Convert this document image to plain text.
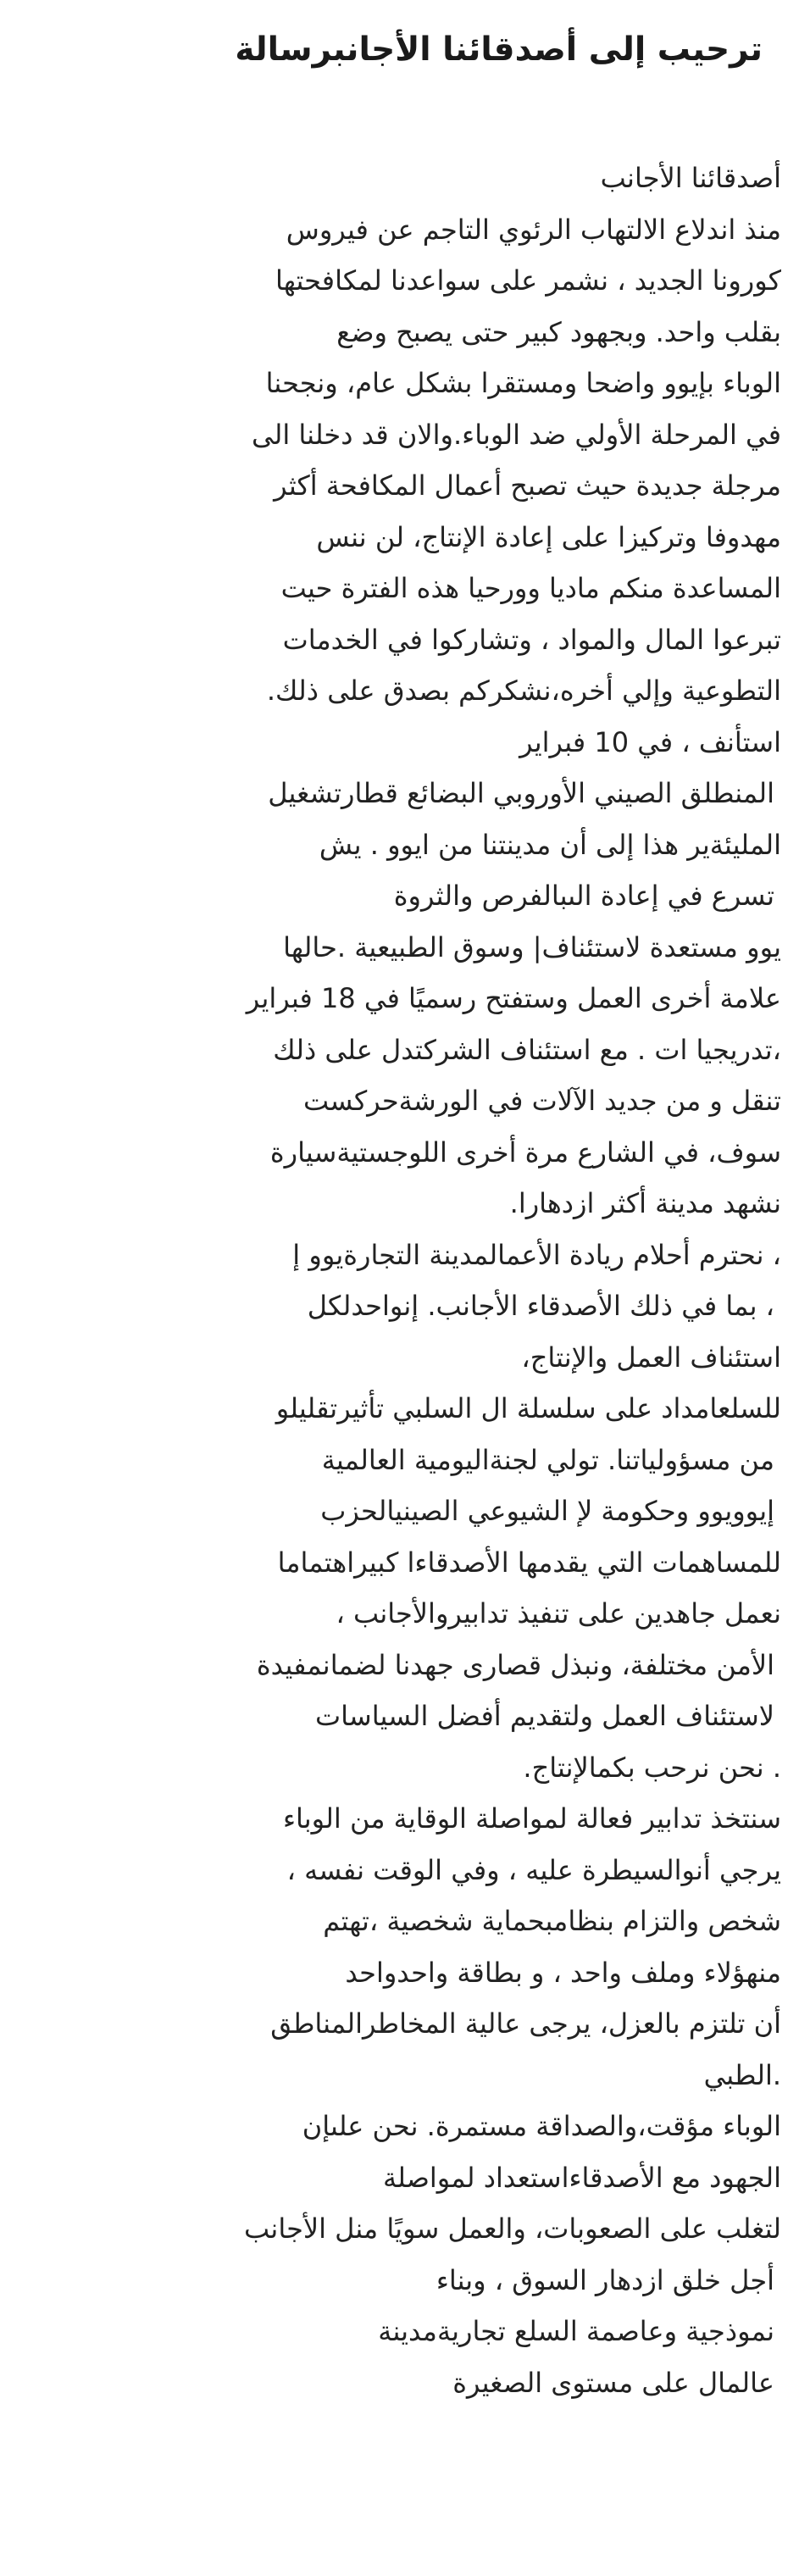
ترحيب إلى أصدقائنا الأجانبرسالة
أصدقائنا الأجانب
منذ اندلاع الالتهاب الرئوي التاجم عن فيروس
كورونا الجديد ، نشمر على سواعدنا لمكافحتها
بقلب واحد. وبجهود كبير حتى يصبح وضع
الوباء بإيوو واضحا ومستقرا بشكل عام، ونجحنا
في المرحلة الأولي ضد الوباء.والان قد دخلنا الى
مرجلة جديدة حيث تصبح أعمال المكافحة أكثر
مهدوفا وتركيزا على إعادة الإنتاج، لن ننس
المساعدة منكم ماديا وورحيا هذه الفترة حيت
تبرعوا المال والمواد ، وتشاركوا في الخدمات
التطوعية وإلي أخره،نشكركم بصدق على ذلك.
استأنف ، في 10 فبراير
المنطلق الصيني الأوروبي البضائع قطارتشغيل
المليئةير هذا إلى أن مدينتنا من ايوو . يش
تسرع في إعادة الىبالفرص والثروة
يوو مستعدة لاستئناف| وسوق الطبيعية .حالها
علامة أخرى العمل وستفتح رسميًا في 18 فبراير
،تدريجيا ات . مع استئناف الشركتدل على ذلك
تنقل و من جديد الآلات في الورشةحركست
سوف، في الشارع مرة أخرى اللوجستيةسيارة
نشهد مدينة أكثر ازدهارا.
، نحترم أحلام ريادة الأعمالمدينة التجارةيوو إ
، بما في ذلك الأصدقاء الأجانب. إنواحدلكل
استئناف العمل والإنتاج،
للسلعامداد على سلسلة ال السلبي تأثيرتقليلو
من مسؤولياتنا. تولي لجنةاليومية العالمية
إيوويوو وحكومة لإ الشيوعي الصينيالحزب
للمساهمات التي يقدمها الأصدقاءا كبيراهتماما
نعمل جاهدين على تنفيذ تدابيروالأجانب ،
الأمن مختلفة، ونبذل قصارى جهدنا لضمانمفيدة
لاستئناف العمل ولتقديم أفضل السياسات
. نحن نرحب بكمالإنتاج.
سنتخذ تدابير فعالة لمواصلة الوقاية من الوباء
يرجي أنوالسيطرة عليه ، وفي الوقت نفسه ،
شخص والتزام بنظامبحماية شخصية ،تهتم
منهؤلاء وملف واحد ، و بطاقة واحدواحد
أن تلتزم بالعزل، يرجى عالية المخاطرالمناطق
.الطبي
الوباء مؤقت،والصداقة مستمرة. نحن علىإن
الجهود مع الأصدقاءاستعداد لمواصلة
لتغلب على الصعوبات، والعمل سويًا منل الأجانب
أجل خلق ازدهار السوق ، وبناء
نموذجية وعاصمة السلع تجاريةمدينة
عالمال على مستوى الصغيرة
